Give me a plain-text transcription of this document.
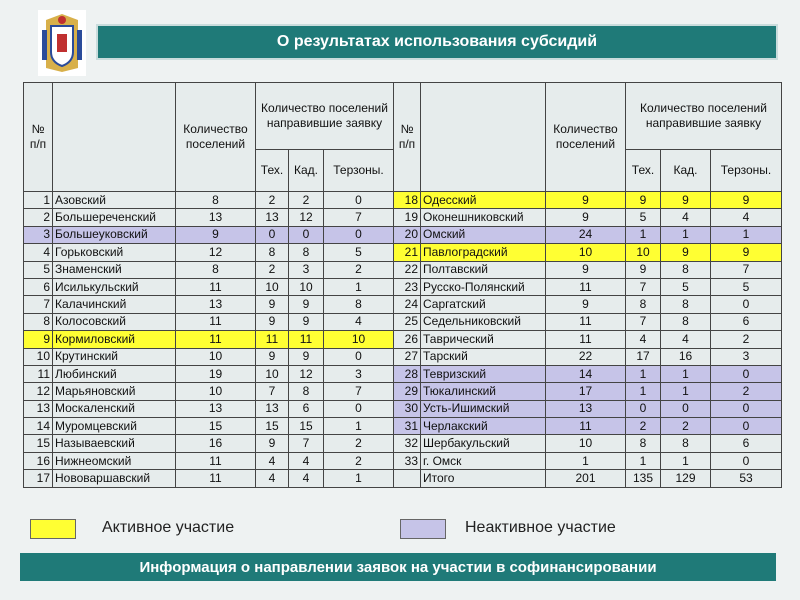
О результатах использования субсидий
№ п/п		Количество поселений	Количество поселений направившие заявку			№ п/п		Количество поселений	Количество поселений направившие заявку		
			Тех.	Кад.	Терзоны.				Тех.	Кад.	Терзоны.
1	Азовский	8	2	2	0	18	Одесский	9	9	9	9
2	Большереченский	13	13	12	7	19	Оконешниковский	9	5	4	4
3	Большеуковский	9	0	0	0	20	Омский	24	1	1	1
4	Горьковский	12	8	8	5	21	Павлоградский	10	10	9	9
5	Знаменский	8	2	3	2	22	Полтавский	9	9	8	7
6	Исилькульский	11	10	10	1	23	Русско-Полянский	11	7	5	5
7	Калачинский	13	9	9	8	24	Саргатский	9	8	8	0
8	Колосовский	11	9	9	4	25	Седельниковский	11	7	8	6
9	Кормиловский	11	11	11	10	26	Таврический	11	4	4	2
10	Крутинский	10	9	9	0	27	Тарский	22	17	16	3
11	Любинский	19	10	12	3	28	Тевризский	14	1	1	0
12	Марьяновский	10	7	8	7	29	Тюкалинский	17	1	1	2
13	Москаленский	13	13	6	0	30	Усть-Ишимский	13	0	0	0
14	Муромцевский	15	15	15	1	31	Черлакский	11	2	2	0
15	Называевский	16	9	7	2	32	Шербакульский	10	8	8	6
16	Нижнеомский	11	4	4	2	33	г. Омск	1	1	1	0
17	Нововаршавский	11	4	4	1		Итого	201	135	129	53
Активное участие	Неактивное участие
Информация о направлении заявок на участии в софинансировании
